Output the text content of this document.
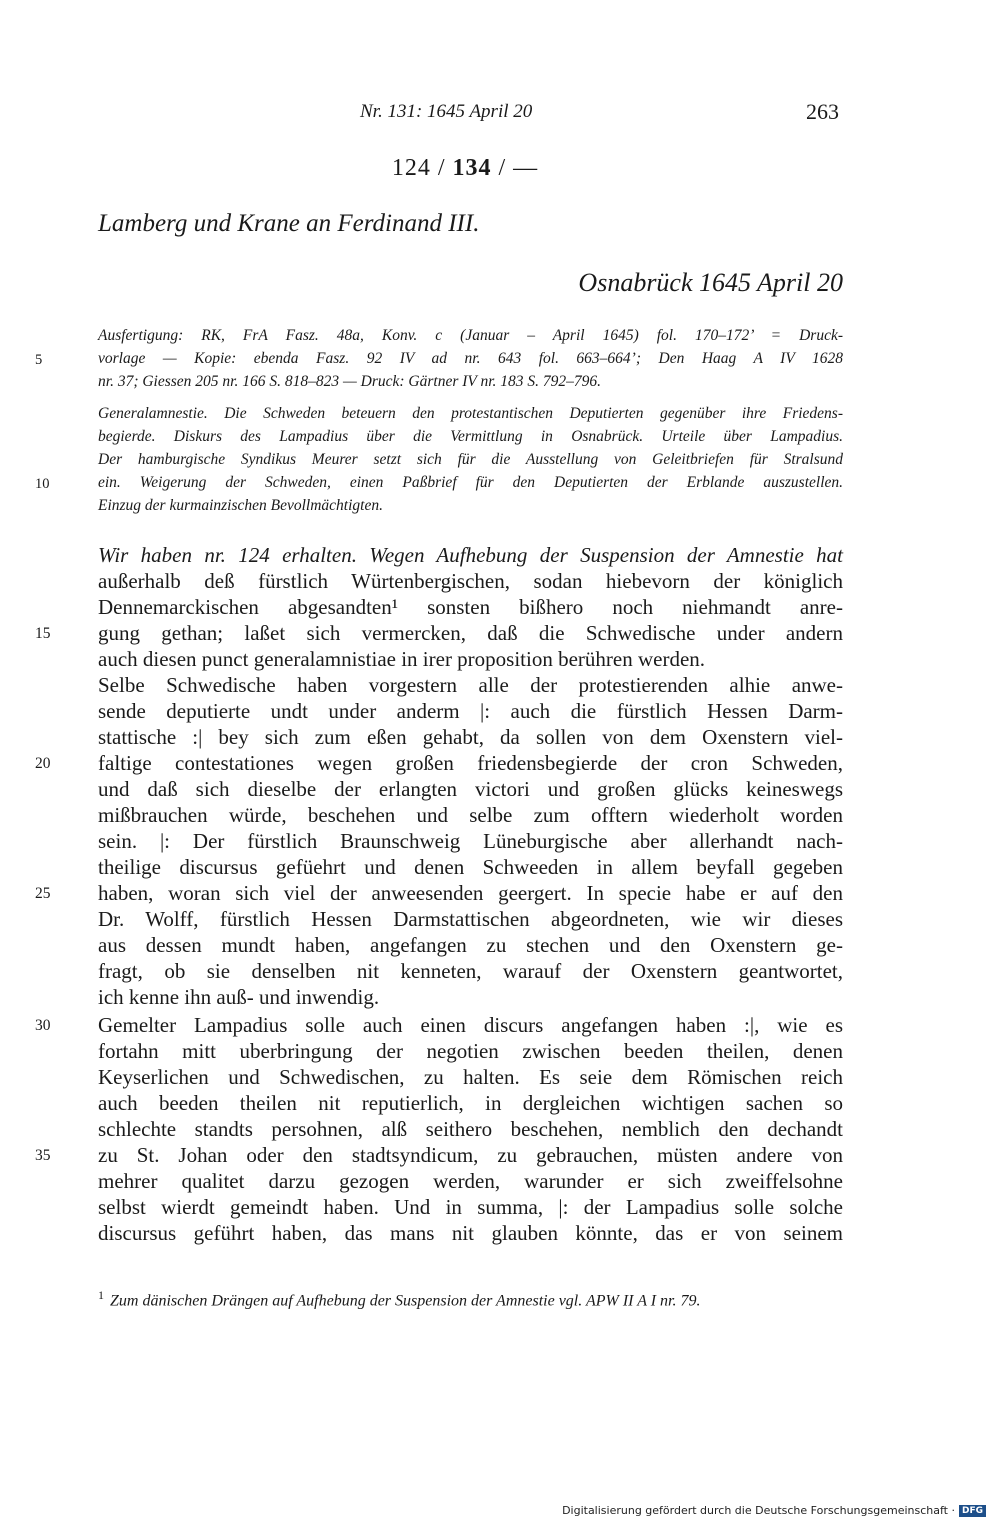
Nr. 131: 1645 April 20	263
124 / 134 / —
Lamberg und Krane an Ferdinand III.
Osnabrück 1645 April 20
Ausfertigung: RK, FrA Fasz. 48a, Konv. c (Januar – April 1645) fol. 170–172’ = Druck-
vorlage — Kopie: ebenda Fasz. 92 IV ad nr. 643 fol. 663–664’; Den Haag A IV 1628
nr. 37; Giessen 205 nr. 166 S. 818–823 — Druck: Gärtner IV nr. 183 S. 792–796.
Generalamnestie. Die Schweden beteuern den protestantischen Deputierten gegenüber ihre Friedens-
begierde. Diskurs des Lampadius über die Vermittlung in Osnabrück. Urteile über Lampadius.
Der hamburgische Syndikus Meurer setzt sich für die Ausstellung von Geleitbriefen für Stralsund
ein. Weigerung der Schweden, einen Paßbrief für den Deputierten der Erblande auszustellen.
Einzug der kurmainzischen Bevollmächtigten.
Wir haben nr. 124 erhalten. Wegen Aufhebung der Suspension der Amnestie hat
außerhalb deß fürstlich Würtenbergischen, sodan hiebevorn der königlich
Dennemarckischen abgesandten¹ sonsten bißhero noch niehmandt anre-
gung gethan; laßet sich vermercken, daß die Schwedische under andern
auch diesen punct generalamnistiae in irer proposition berühren werden.
Selbe Schwedische haben vorgestern alle der protestierenden alhie anwe-
sende deputierte undt under anderm |: auch die fürstlich Hessen Darm-
stattische :| bey sich zum eßen gehabt, da sollen von dem Oxenstern viel-
faltige contestationes wegen großen friedensbegierde der cron Schweden,
und daß sich dieselbe der erlangten victori und großen glücks keineswegs
mißbrauchen würde, beschehen und selbe zum offtern wiederholt worden
sein. |: Der fürstlich Braunschweig Lüneburgische aber allerhandt nach-
theilige discursus gefüehrt und denen Schweeden in allem beyfall gegeben
haben, woran sich viel der anweesenden geergert. In specie habe er auf den
Dr. Wolff, fürstlich Hessen Darmstattischen abgeordneten, wie wir dieses
aus dessen mundt haben, angefangen zu stechen und den Oxenstern ge-
fragt, ob sie denselben nit kenneten, warauf der Oxenstern geantwortet,
ich kenne ihn auß- und inwendig.
Gemelter Lampadius solle auch einen discurs angefangen haben :|, wie es
fortahn mitt uberbringung der negotien zwischen beeden theilen, denen
Keyserlichen und Schwedischen, zu halten. Es seie dem Römischen reich
auch beeden theilen nit reputierlich, in dergleichen wichtigen sachen so
schlechte standts persohnen, alß seithero beschehen, nemblich den dechandt
zu St. Johan oder den stadtsyndicum, zu gebrauchen, müsten andere von
mehrer qualitet darzu gezogen werden, warunder er sich zweiffelsohne
selbst wierdt gemeindt haben. Und in summa, |: der Lampadius solle solche
discursus geführt haben, das mans nit glauben könnte, das er von seinem
5
10
15
20
25
30
35
$^1$ Zum dänischen Drängen auf Aufhebung der Suspension der Amnestie vgl. APW II A I nr. 79.
Digitalisierung gefördert durch die Deutsche Forschungsgemeinschaft · DFG
